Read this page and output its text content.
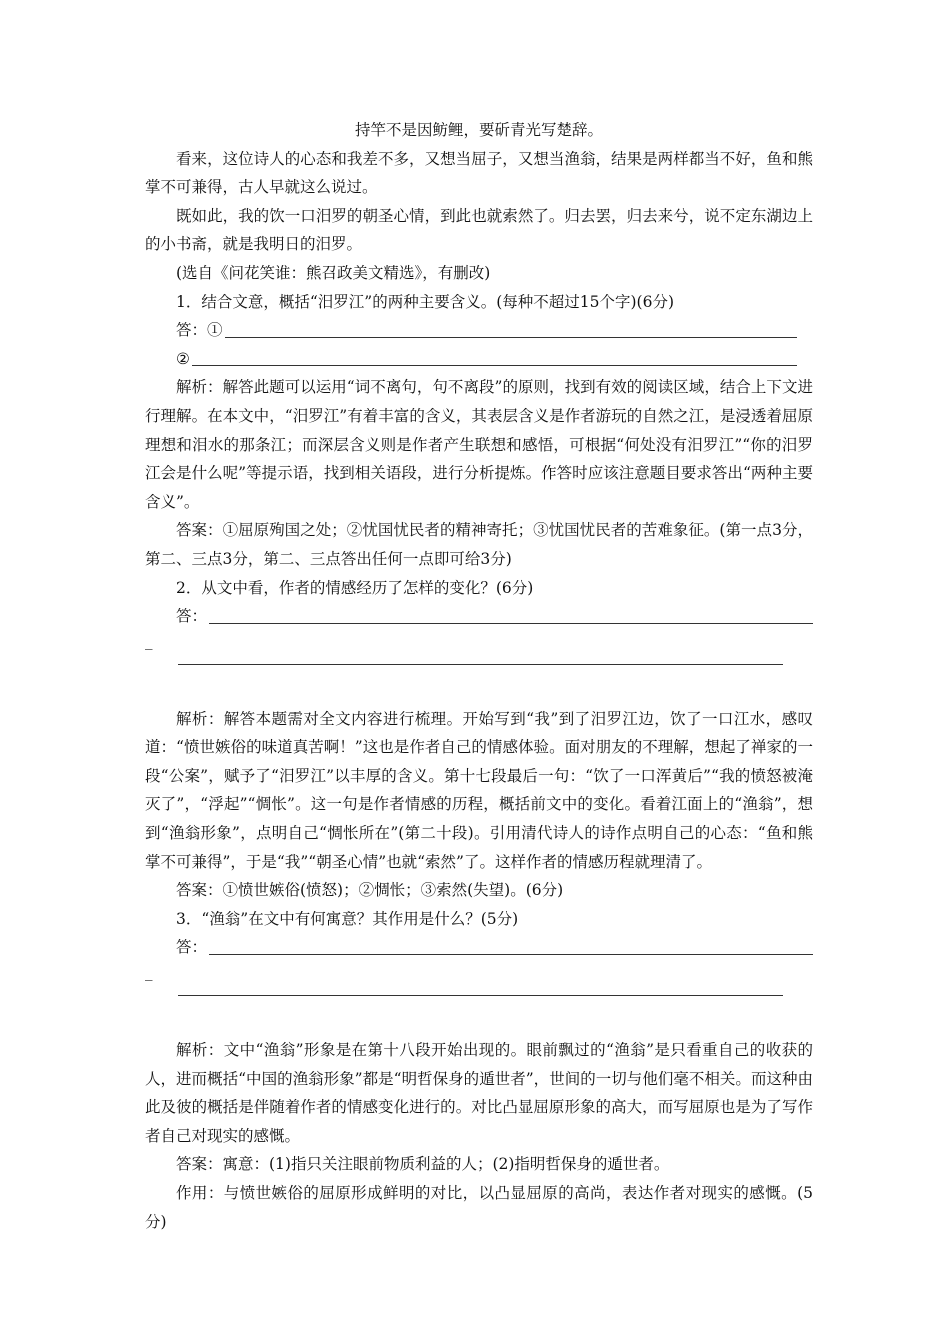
持竿不是因鲂鲤，要斫青光写楚辞。

看来，这位诗人的心态和我差不多，又想当屈子，又想当渔翁，结果是两样都当不好，鱼和熊掌不可兼得，古人早就这么说过。

既如此，我的饮一口汨罗的朝圣心情，到此也就索然了。归去罢，归去来兮，说不定东湖边上的小书斋，就是我明日的汨罗。

(选自《问花笑谁：熊召政美文精选》，有删改)

1．结合文意，概括“汨罗江”的两种主要含义。(每种不超过15个字)(6分)

答：①
②

解析：解答此题可以运用“词不离句，句不离段”的原则，找到有效的阅读区域，结合上下文进行理解。在本文中，“汨罗江”有着丰富的含义，其表层含义是作者游玩的自然之江，是浸透着屈原理想和泪水的那条江；而深层含义则是作者产生联想和感悟，可根据“何处没有汨罗江”“你的汨罗江会是什么呢”等提示语，找到相关语段，进行分析提炼。作答时应该注意题目要求答出“两种主要含义”。

答案：①屈原殉国之处；②忧国忧民者的精神寄托；③忧国忧民者的苦难象征。(第一点3分，第二、三点3分，第二、三点答出任何一点即可给3分)

2．从文中看，作者的情感经历了怎样的变化？(6分)

答：
_

解析：解答本题需对全文内容进行梳理。开始写到“我”到了汨罗江边，饮了一口江水，感叹道：“愤世嫉俗的味道真苦啊！”这也是作者自己的情感体验。面对朋友的不理解，想起了禅家的一段“公案”，赋予了“汨罗江”以丰厚的含义。第十七段最后一句：“饮了一口浑黄后”“我的愤怒被淹灭了”，“浮起”“惆怅”。这一句是作者情感的历程，概括前文中的变化。看着江面上的“渔翁”，想到“渔翁形象”，点明自己“惆怅所在”(第二十段)。引用清代诗人的诗作点明自己的心态：“鱼和熊掌不可兼得”，于是“我”“朝圣心情”也就“索然”了。这样作者的情感历程就理清了。

答案：①愤世嫉俗(愤怒)；②惆怅；③索然(失望)。(6分)

3．“渔翁”在文中有何寓意？其作用是什么？(5分)

答：
_

解析：文中“渔翁”形象是在第十八段开始出现的。眼前飘过的“渔翁”是只看重自己的收获的人，进而概括“中国的渔翁形象”都是“明哲保身的遁世者”，世间的一切与他们毫不相关。而这种由此及彼的概括是伴随着作者的情感变化进行的。对比凸显屈原形象的高大，而写屈原也是为了写作者自己对现实的感慨。

答案：寓意：(1)指只关注眼前物质利益的人；(2)指明哲保身的遁世者。

作用：与愤世嫉俗的屈原形成鲜明的对比，以凸显屈原的高尚，表达作者对现实的感慨。(5分)
